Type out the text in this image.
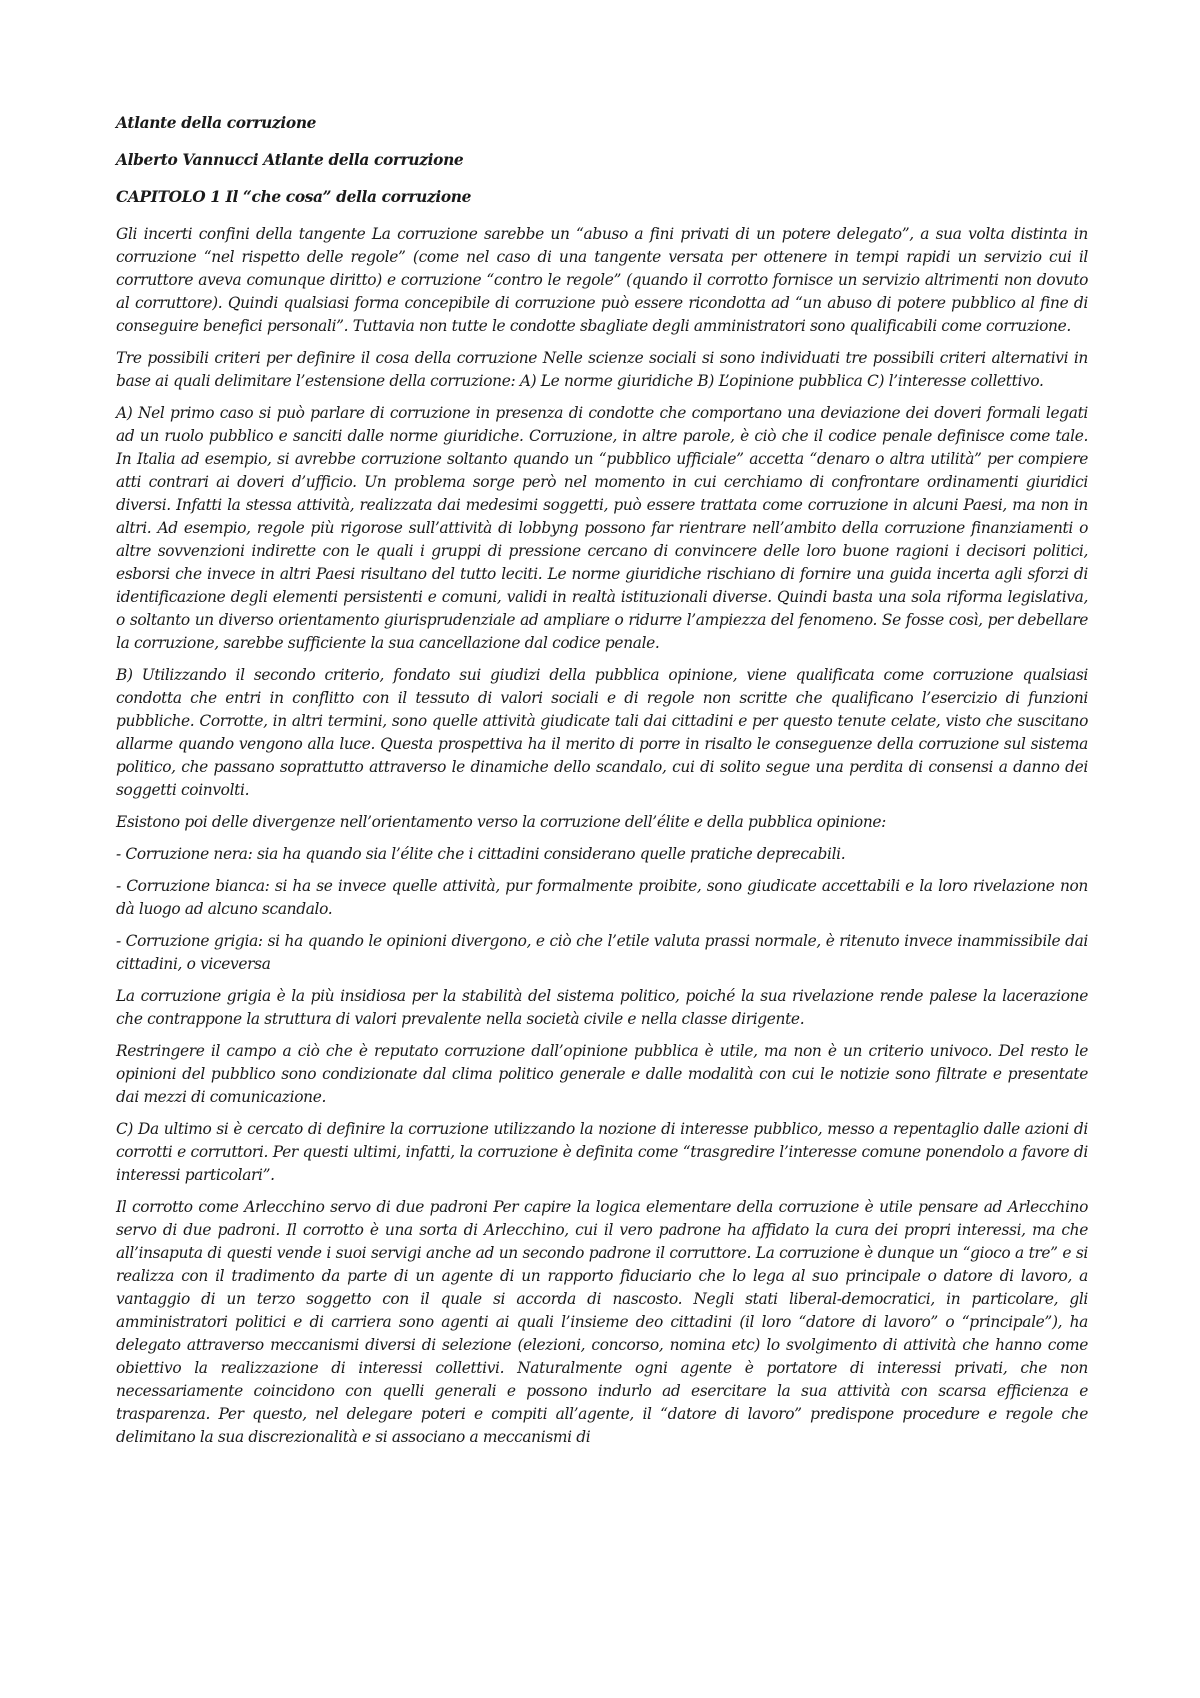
Atlante della corruzione

Alberto Vannucci Atlante della corruzione

CAPITOLO 1 Il “che cosa” della corruzione

Gli incerti confini della tangente La corruzione sarebbe un “abuso a fini privati di un potere delegato”, a sua volta distinta in corruzione “nel rispetto delle regole” (come nel caso di una tangente versata per ottenere in tempi rapidi un servizio cui il corruttore aveva comunque diritto) e corruzione “contro le regole” (quando il corrotto fornisce un servizio altrimenti non dovuto al corruttore). Quindi qualsiasi forma concepibile di corruzione può essere ricondotta ad “un abuso di potere pubblico al fine di conseguire benefici personali”. Tuttavia non tutte le condotte sbagliate degli amministratori sono qualificabili come corruzione.

Tre possibili criteri per definire il cosa della corruzione Nelle scienze sociali si sono individuati tre possibili criteri alternativi in base ai quali delimitare l’estensione della corruzione: A) Le norme giuridiche B) L’opinione pubblica C) l’interesse collettivo.

A) Nel primo caso si può parlare di corruzione in presenza di condotte che comportano una deviazione dei doveri formali legati ad un ruolo pubblico e sanciti dalle norme giuridiche. Corruzione, in altre parole, è ciò che il codice penale definisce come tale. In Italia ad esempio, si avrebbe corruzione soltanto quando un “pubblico ufficiale” accetta “denaro o altra utilità” per compiere atti contrari ai doveri d’ufficio. Un problema sorge però nel momento in cui cerchiamo di confrontare ordinamenti giuridici diversi. Infatti la stessa attività, realizzata dai medesimi soggetti, può essere trattata come corruzione in alcuni Paesi, ma non in altri. Ad esempio, regole più rigorose sull’attività di lobbyng possono far rientrare nell’ambito della corruzione finanziamenti o altre sovvenzioni indirette con le quali i gruppi di pressione cercano di convincere delle loro buone ragioni i decisori politici, esborsi che invece in altri Paesi risultano del tutto leciti. Le norme giuridiche rischiano di fornire una guida incerta agli sforzi di identificazione degli elementi persistenti e comuni, validi in realtà istituzionali diverse. Quindi basta una sola riforma legislativa, o soltanto un diverso orientamento giurisprudenziale ad ampliare o ridurre l’ampiezza del fenomeno. Se fosse così, per debellare la corruzione, sarebbe sufficiente la sua cancellazione dal codice penale.

B) Utilizzando il secondo criterio, fondato sui giudizi della pubblica opinione, viene qualificata come corruzione qualsiasi condotta che entri in conflitto con il tessuto di valori sociali e di regole non scritte che qualificano l’esercizio di funzioni pubbliche. Corrotte, in altri termini, sono quelle attività giudicate tali dai cittadini e per questo tenute celate, visto che suscitano allarme quando vengono alla luce. Questa prospettiva ha il merito di porre in risalto le conseguenze della corruzione sul sistema politico, che passano soprattutto attraverso le dinamiche dello scandalo, cui di solito segue una perdita di consensi a danno dei soggetti coinvolti.

Esistono poi delle divergenze nell’orientamento verso la corruzione dell’élite e della pubblica opinione:

- Corruzione nera: sia ha quando sia l’élite che i cittadini considerano quelle pratiche deprecabili.

- Corruzione bianca: si ha se invece quelle attività, pur formalmente proibite, sono giudicate accettabili e la loro rivelazione non dà luogo ad alcuno scandalo.

- Corruzione grigia: si ha quando le opinioni divergono, e ciò che l’etile valuta prassi normale, è ritenuto invece inammissibile dai cittadini, o viceversa

La corruzione grigia è la più insidiosa per la stabilità del sistema politico, poiché la sua rivelazione rende palese la lacerazione che contrappone la struttura di valori prevalente nella società civile e nella classe dirigente.

Restringere il campo a ciò che è reputato corruzione dall’opinione pubblica è utile, ma non è un criterio univoco. Del resto le opinioni del pubblico sono condizionate dal clima politico generale e dalle modalità con cui le notizie sono filtrate e presentate dai mezzi di comunicazione.

C) Da ultimo si è cercato di definire la corruzione utilizzando la nozione di interesse pubblico, messo a repentaglio dalle azioni di corrotti e corruttori. Per questi ultimi, infatti, la corruzione è definita come “trasgredire l’interesse comune ponendolo a favore di interessi particolari”.

Il corrotto come Arlecchino servo di due padroni Per capire la logica elementare della corruzione è utile pensare ad Arlecchino servo di due padroni. Il corrotto è una sorta di Arlecchino, cui il vero padrone ha affidato la cura dei propri interessi, ma che all’insaputa di questi vende i suoi servigi anche ad un secondo padrone il corruttore. La corruzione è dunque un “gioco a tre” e si realizza con il tradimento da parte di un agente di un rapporto fiduciario che lo lega al suo principale o datore di lavoro, a vantaggio di un terzo soggetto con il quale si accorda di nascosto. Negli stati liberal-democratici, in particolare, gli amministratori politici e di carriera sono agenti ai quali l’insieme deo cittadini (il loro “datore di lavoro” o “principale”), ha delegato attraverso meccanismi diversi di selezione (elezioni, concorso, nomina etc) lo svolgimento di attività che hanno come obiettivo la realizzazione di interessi collettivi. Naturalmente ogni agente è portatore di interessi privati, che non necessariamente coincidono con quelli generali e possono indurlo ad esercitare la sua attività con scarsa efficienza e trasparenza. Per questo, nel delegare poteri e compiti all’agente, il “datore di lavoro” predispone procedure e regole che delimitano la sua discrezionalità e si associano a meccanismi di
